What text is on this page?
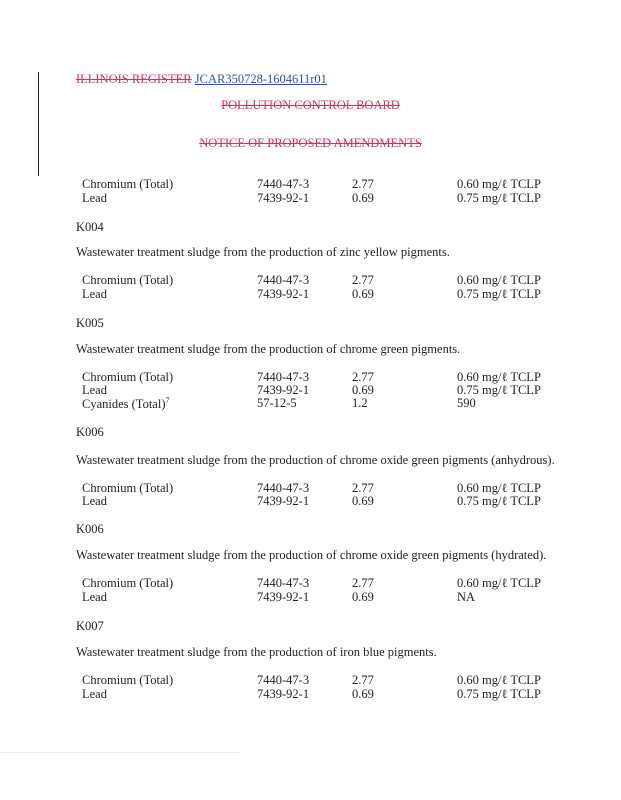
ILLINOIS REGISTER JCAR350728-1604611r01
POLLUTION CONTROL BOARD
NOTICE OF PROPOSED AMENDMENTS
Chromium (Total)	7440-47-3	2.77	0.60 mg/ℓ TCLP
Lead	7439-92-1	0.69	0.75 mg/ℓ TCLP
K004
Wastewater treatment sludge from the production of zinc yellow pigments.
Chromium (Total)	7440-47-3	2.77	0.60 mg/ℓ TCLP
Lead	7439-92-1	0.69	0.75 mg/ℓ TCLP
K005
Wastewater treatment sludge from the production of chrome green pigments.
Chromium (Total)	7440-47-3	2.77	0.60 mg/ℓ TCLP
Lead	7439-92-1	0.69	0.75 mg/ℓ TCLP
Cyanides (Total)$^7$	57-12-5	1.2	590
K006
Wastewater treatment sludge from the production of chrome oxide green pigments (anhydrous).
Chromium (Total)	7440-47-3	2.77	0.60 mg/ℓ TCLP
Lead	7439-92-1	0.69	0.75 mg/ℓ TCLP
K006
Wastewater treatment sludge from the production of chrome oxide green pigments (hydrated).
Chromium (Total)	7440-47-3	2.77	0.60 mg/ℓ TCLP
Lead	7439-92-1	0.69	NA
K007
Wastewater treatment sludge from the production of iron blue pigments.
Chromium (Total)	7440-47-3	2.77	0.60 mg/ℓ TCLP
Lead	7439-92-1	0.69	0.75 mg/ℓ TCLP
